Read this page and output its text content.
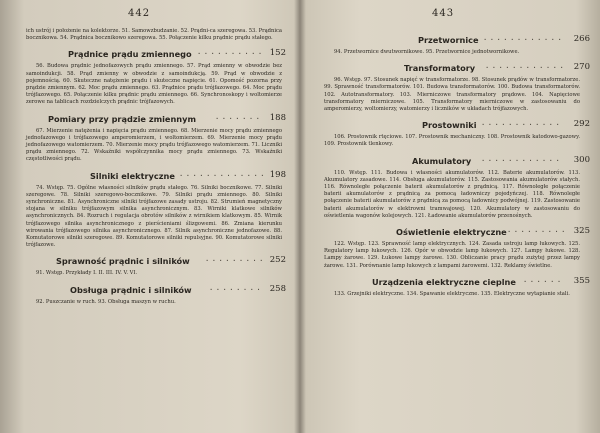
442

ich ustrój i położenie na kolektorze. 51. Samowzbudzanie. 52. Prądni-ca szeregowa. 53. Prądnica bocznikowa. 54. Prądnica bocznikowo szeregowa. 55. Połączenie kilku prądnic prądu stałego.

Prądnice prądu zmiennego . . . . . . . . . . 152

56. Budowa prądnic jednofazowych prądu zmiennego. 57. Prąd zmienny w obwodzie bez samoindukcji. 58. Prąd zmienny w obwodzie z samoindukcją. 59. Prąd w obwodzie z pojemnością. 60. Skuteczne natężenie prądu i skuteczne napięcie. 61. Opomość pozorna przy prądzie zmiennym. 62. Moc prądu zmiennego. 63. Prądnice prądu trójfazowego. 64. Moc prądu trójfazowego. 65. Połączenie kilku prądnic prądu zmiennego. 66. Synchronoskopy i woltomierze zerowe na tablicach rozdzielczych prądnic trójfazowych.

Pomiary przy prądzie zmiennym	. . . . . . . 188

67. Mierzenie natężenia i napięcia prądu zmiennego. 68. Mierzenie mocy prądu zmiennego jednofazowego i trójfazowego amperomierzem, i woltomierzem. 69. Mierzenie mocy prądu jednofazowego watomierzem. 70. Mierzenie mocy prądu trójfazowego watomierzem. 71. Liczniki prądu zmiennego. 72. Wskaźniki współczynnika mocy prądu zmiennego. 73. Wskaźniki częstotliwości prądu.

Silniki elektryczne . . . . . . . . . . . . . 198

74. Wstęp. 75. Ogólne własności silników prądu stałego. 76. Silniki bocznikowe. 77. Silniki szeregowe. 78. Silniki szeregowo-bocznikowe. 79. Silniki prądu zmiennego. 80. Silniki synchroniczne. 81. Asynchroniczne silniki trójfazowe zasady ustroju. 82. Strumień magnetyczny stojana w silniku trójfazowym silnika asynchronicznym. 83. Wirniki klatkowe silników asynchronicznych. 84. Rozruch i regulacja obrotów silników z wirnikiem klatkowym. 85. Wirnik trójfazowego silnika asynchronicznego z pierścieniami ślizgowemi. 86. Zmiana kierunku wirowania trójfazowego silnika asynchronicznego. 87. Silnik asynchroniczne jednofazowe. 88. Komutatorowe silniki szeregowe. 89. Komutatorowe silniki repulsyjne. 90. Komutatorowe silniki trójfazowe.

Sprawność prądnic i silników	. . . . . . . . . 252

91. Wstęp. Przykłady I. II. III. IV. V. VI.

Obsługa prądnic i silników	. . . . . . . . 258

92. Puszczanie w ruch. 93. Obsługa maszyn w ruchu.

443
Przetwornice . . . . . . . . . . . . 266

94. Przetwornice dwutwornikowe. 95. Przetwornice jednotwornikowe.

Transformatory . . . . . . . . . . . . 270

96. Wstęp. 97. Stosunek napięć w transformatorze. 98. Stosunek prądów w transformatorze. 99. Sprawność transformatorów. 101. Budowa transformatorów. 100. Budowa transformatorów. 102. Autotransformatory. 103. Mierniczowe transformatory prądowe. 104. Napięciowe transformatory mierniczowe. 105. Transformatory mierniczowe w zastosowaniu do amperomierzy, woltomierzy, watomierzy i liczników w układach trójfazowych.

Prostowniki . . . . . . . . . . . . 292

106. Prostownik rtęciowe. 107. Prostownik mechaniczny. 108. Prostownik katodowo-gazowy. 109. Prostownik tlenkowy.

Akumulatory . . . . . . . . . . . . 300

110. Wstęp. 111. Budowa i własności akumulatorów. 112. Baterie akumulatorów. 113. Akumulatory zasadowe. 114. Obsługa akumulatorów. 115. Zastosowania akumulatorów stałych. 116. Równoległe połączenie baterii akumulatorów z prądnicą. 117. Równoległe połączenie baterii akumulatorów z prądnicą za pomocą ładowniczy pojedyńczej. 118. Równoległe połączenie baterii akumulatorów z prądnicą za pomocą ładownicy podwójnej. 119. Zastosowanie baterii akumulatorów w elektrowni tramwajowej. 120. Akumulatory w zastosowaniu do oświetlenia wagonów kolejowych. 121. Ładowanie akumulatorów przenośnych.

Oświetlenie elektryczne . . . . . . . . . 325

122. Wstęp. 123. Sprawność lamp elektrycznych. 124. Zasada ustroju lamp łukowych. 125. Regulatory lamp łukowych. 126. Opór w obwodzie lamp łukowych. 127. Lampy łukowe. 128. Lampy żarowe. 129. Łukowe lampy żarowe. 130. Obliczanie pracy prądu zużytej przez lampy żarowe. 131. Porównanie lamp łukowych z lampami żarowemi. 132. Reklamy świetlne.

Urządzenia elektryczne cieplne . . . . . . 355

133. Grzejniki elektryczne. 134. Spawanie elektryczne. 135. Elektryczne wytapianie stali.
